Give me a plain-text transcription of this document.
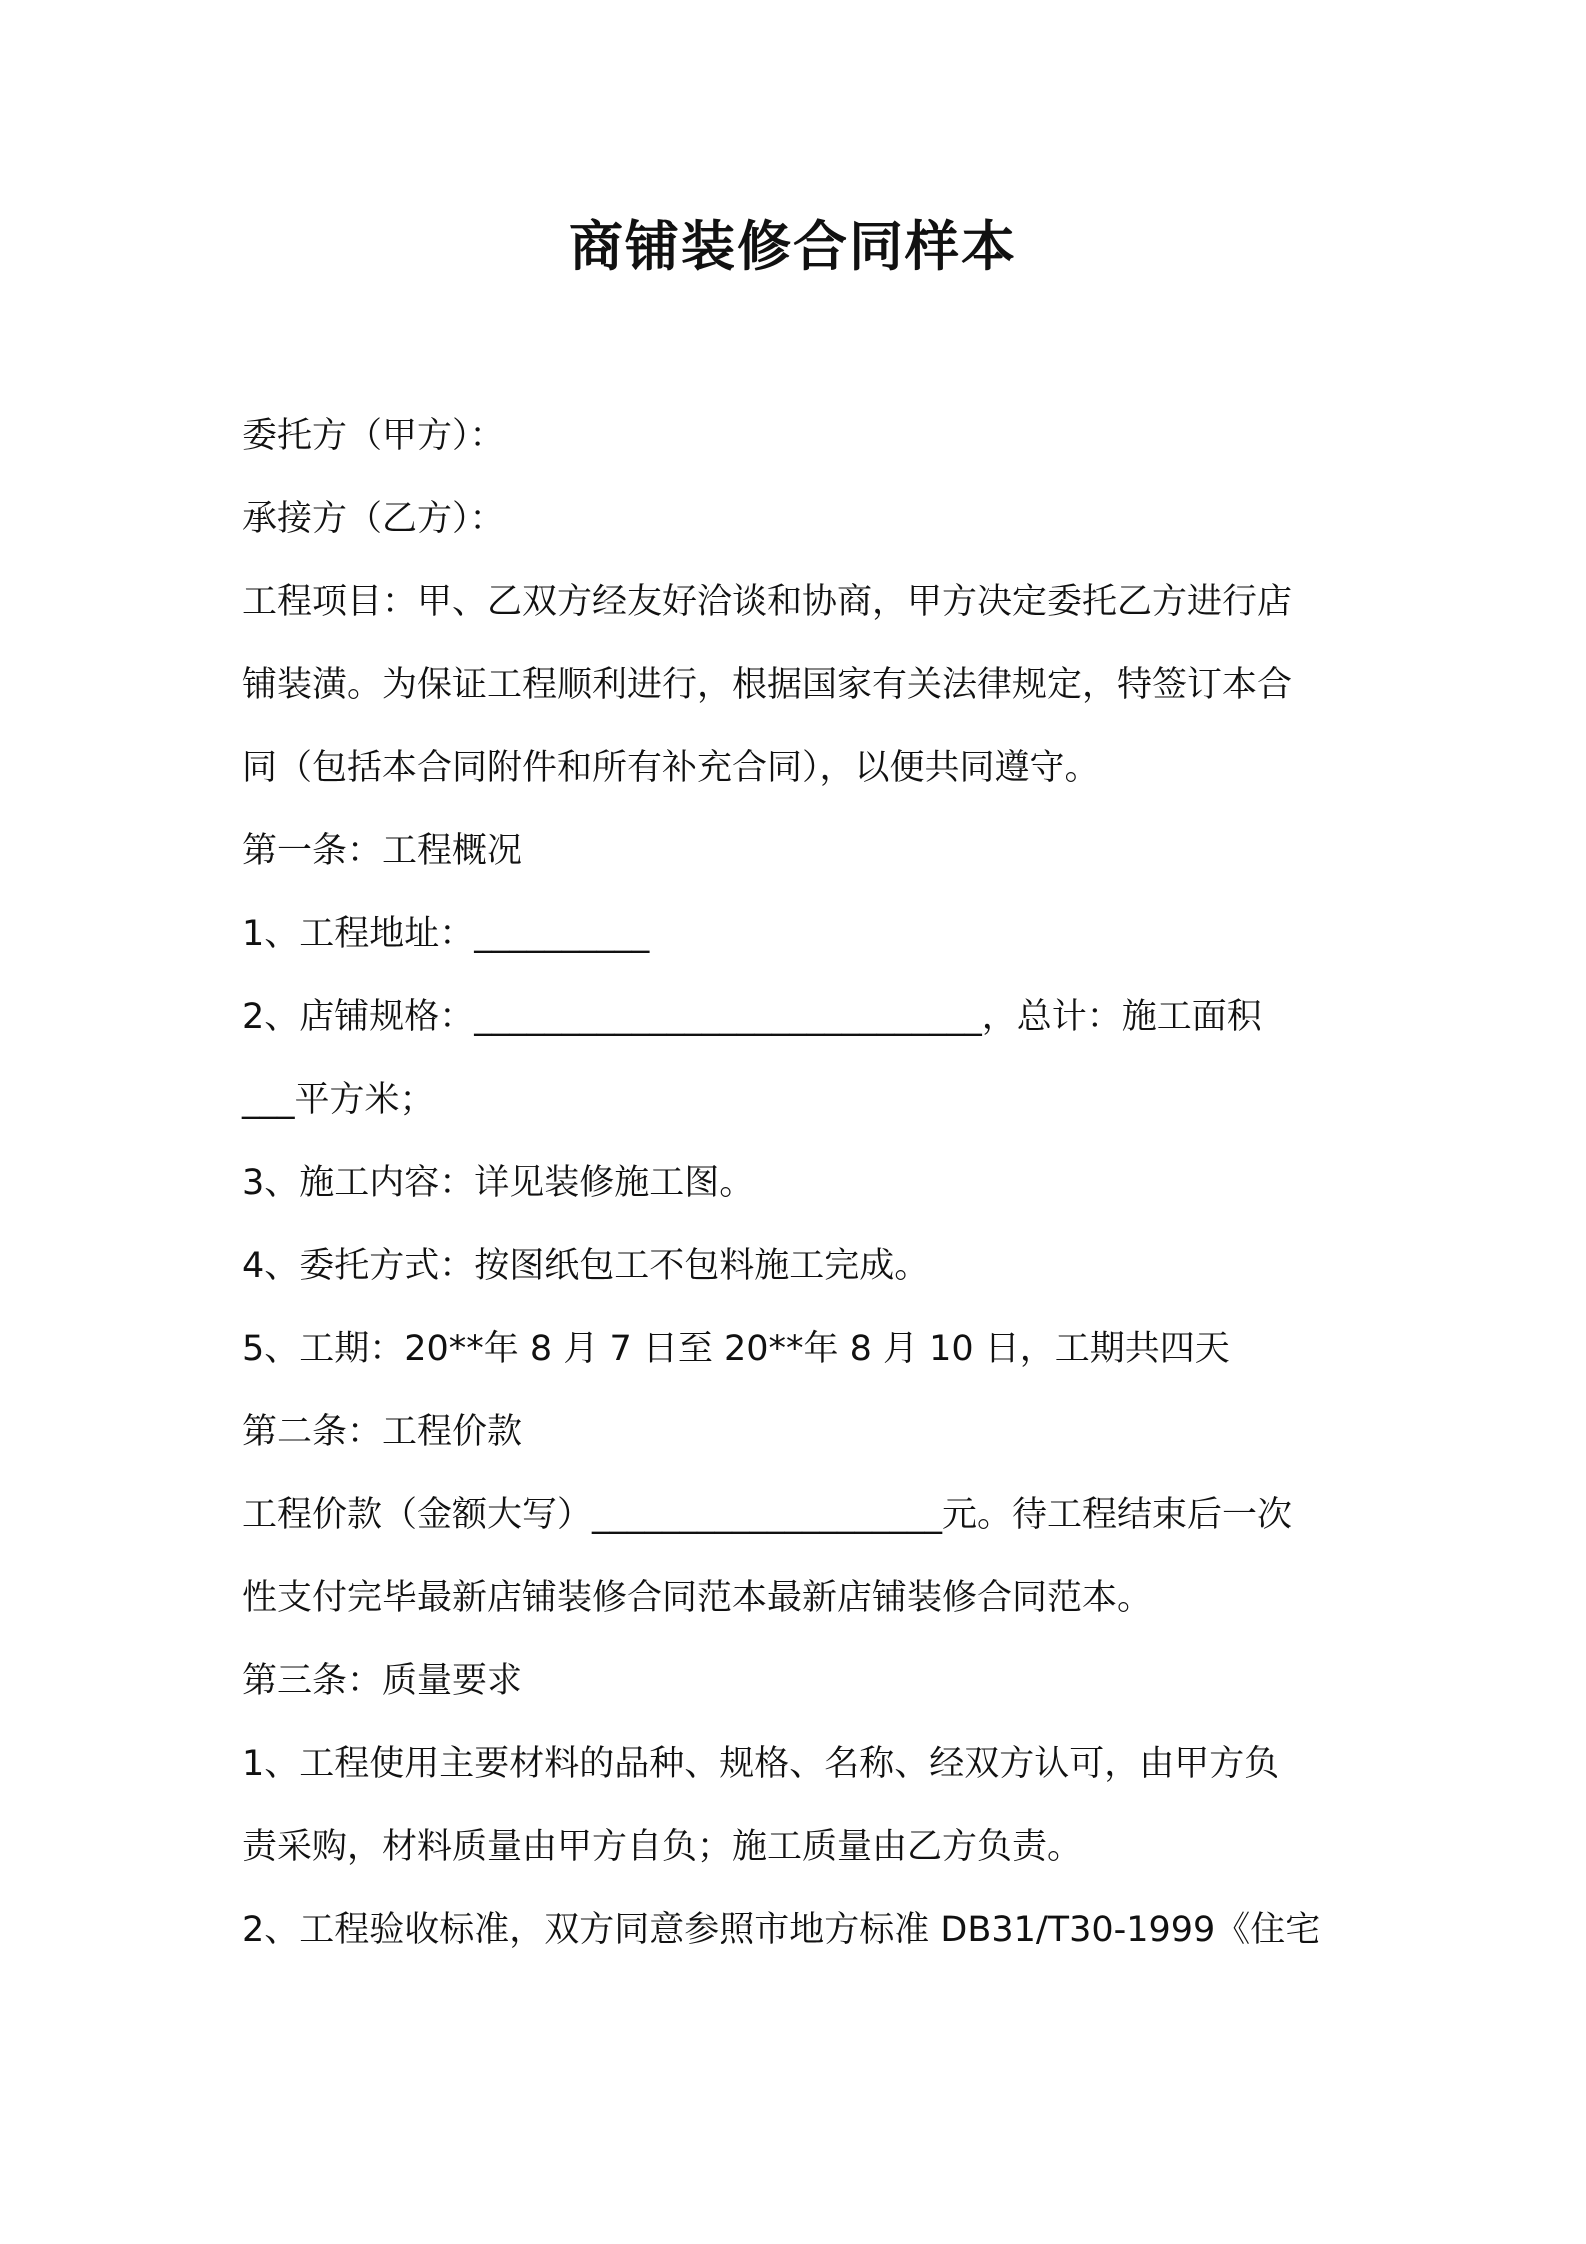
商铺装修合同样本
委托方（甲方）：
承接方（乙方）：
工程项目：甲、乙双方经友好洽谈和协商，甲方决定委托乙方进行店
铺装潢。为保证工程顺利进行，根据国家有关法律规定，特签订本合
同（包括本合同附件和所有补充合同），以便共同遵守。
第一条：工程概况
1、工程地址：__________
2、店铺规格：_____________________________，总计：施工面积
___平方米；
3、施工内容：详见装修施工图。
4、委托方式：按图纸包工不包料施工完成。
5、工期：20**年 8 月 7 日至 20**年 8 月 10 日，工期共四天
第二条：工程价款
工程价款（金额大写）____________________元。待工程结束后一次
性支付完毕最新店铺装修合同范本最新店铺装修合同范本。
第三条：质量要求
1、工程使用主要材料的品种、规格、名称、经双方认可，由甲方负
责采购，材料质量由甲方自负；施工质量由乙方负责。
2、工程验收标准，双方同意参照市地方标准 DB31/T30-1999《住宅
